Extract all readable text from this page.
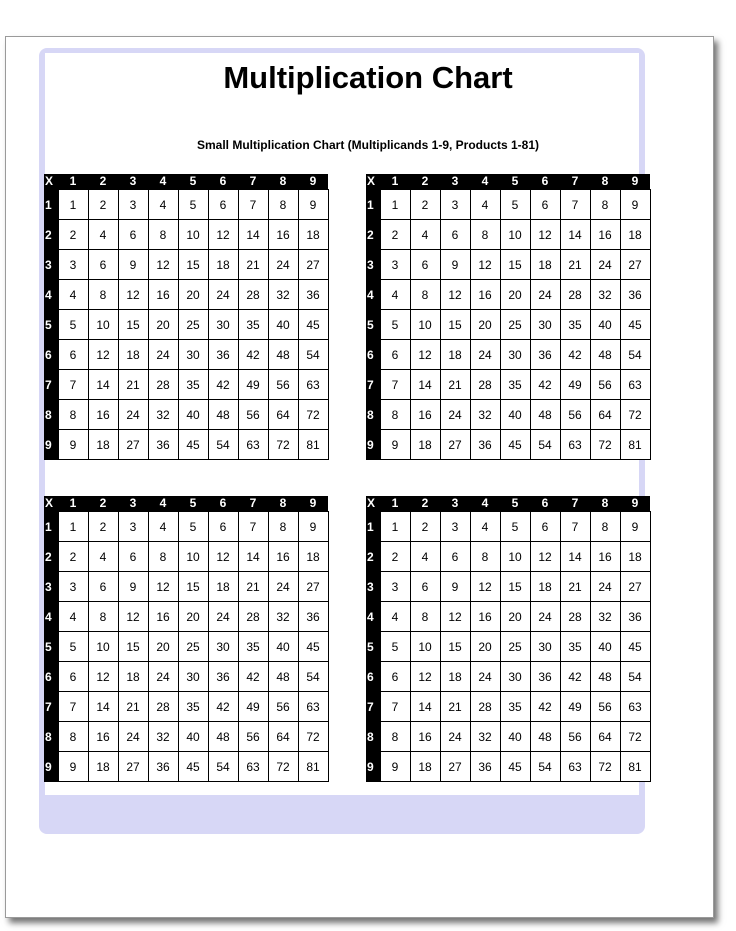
Multiplication Chart

Small Multiplication Chart (Multiplicands 1-9, Products 1-81)

X	1	2	3	4	5	6	7	8	9
1	1	2	3	4	5	6	7	8	9
2	2	4	6	8	10	12	14	16	18
3	3	6	9	12	15	18	21	24	27
4	4	8	12	16	20	24	28	32	36
5	5	10	15	20	25	30	35	40	45
6	6	12	18	24	30	36	42	48	54
7	7	14	21	28	35	42	49	56	63
8	8	16	24	32	40	48	56	64	72
9	9	18	27	36	45	54	63	72	81
X	1	2	3	4	5	6	7	8	9
1	1	2	3	4	5	6	7	8	9
2	2	4	6	8	10	12	14	16	18
3	3	6	9	12	15	18	21	24	27
4	4	8	12	16	20	24	28	32	36
5	5	10	15	20	25	30	35	40	45
6	6	12	18	24	30	36	42	48	54
7	7	14	21	28	35	42	49	56	63
8	8	16	24	32	40	48	56	64	72
9	9	18	27	36	45	54	63	72	81
X	1	2	3	4	5	6	7	8	9
1	1	2	3	4	5	6	7	8	9
2	2	4	6	8	10	12	14	16	18
3	3	6	9	12	15	18	21	24	27
4	4	8	12	16	20	24	28	32	36
5	5	10	15	20	25	30	35	40	45
6	6	12	18	24	30	36	42	48	54
7	7	14	21	28	35	42	49	56	63
8	8	16	24	32	40	48	56	64	72
9	9	18	27	36	45	54	63	72	81
X	1	2	3	4	5	6	7	8	9
1	1	2	3	4	5	6	7	8	9
2	2	4	6	8	10	12	14	16	18
3	3	6	9	12	15	18	21	24	27
4	4	8	12	16	20	24	28	32	36
5	5	10	15	20	25	30	35	40	45
6	6	12	18	24	30	36	42	48	54
7	7	14	21	28	35	42	49	56	63
8	8	16	24	32	40	48	56	64	72
9	9	18	27	36	45	54	63	72	81
